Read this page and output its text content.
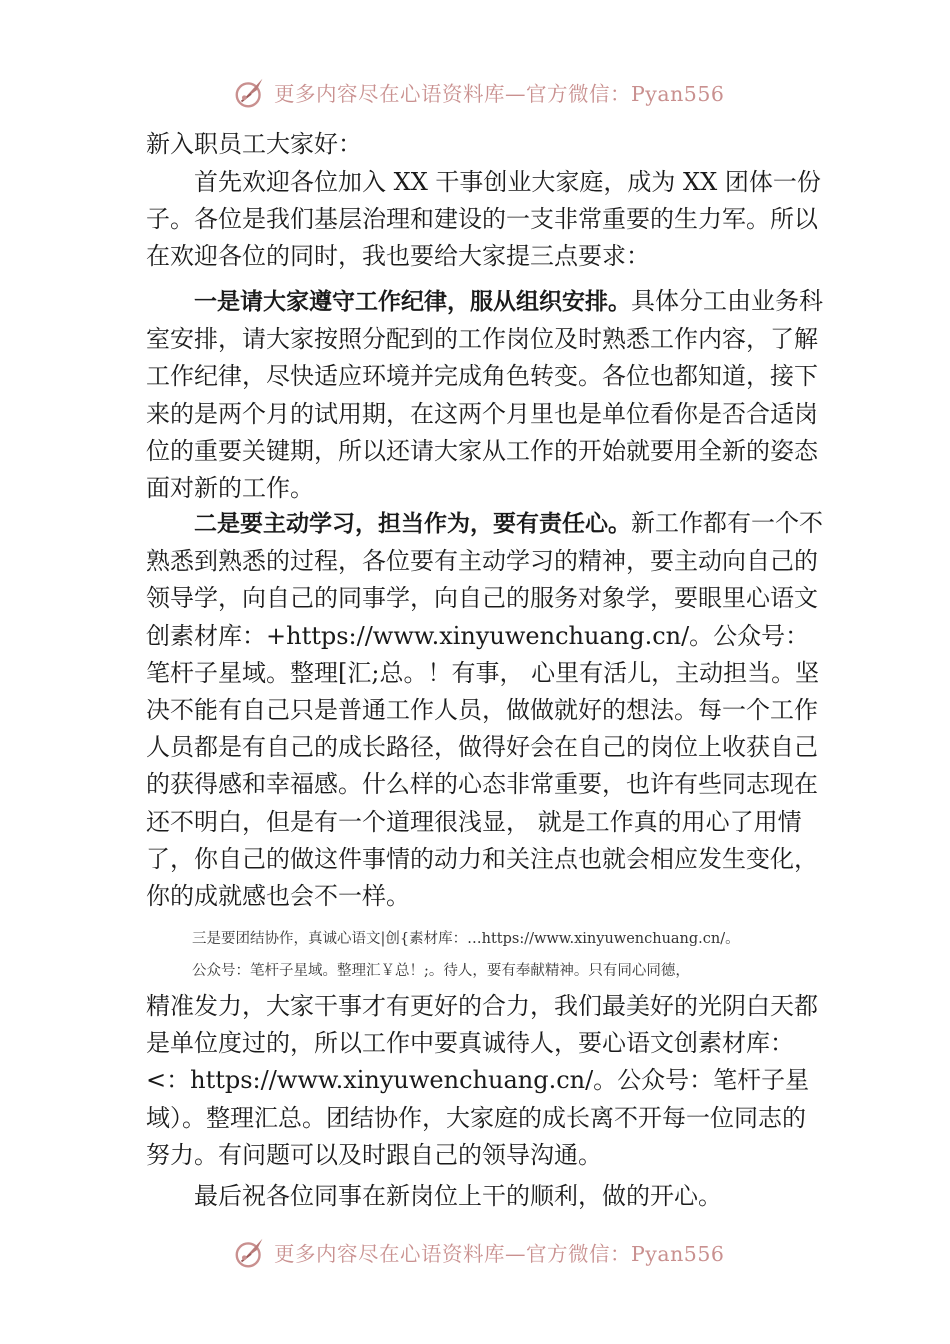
更多内容尽在心语资料库—官方微信：Pyan556
新入职员工大家好：

首先欢迎各位加入 XX 干事创业大家庭，成为 XX 团体一份子。各位是我们基层治理和建设的一支非常重要的生力军。所以在欢迎各位的同时，我也要给大家提三点要求：

一是请大家遵守工作纪律，服从组织安排。具体分工由业务科室安排，请大家按照分配到的工作岗位及时熟悉工作内容，了解工作纪律，尽快适应环境并完成角色转变。各位也都知道，接下来的是两个月的试用期，在这两个月里也是单位看你是否合适岗位的重要关键期，所以还请大家从工作的开始就要用全新的姿态面对新的工作。

二是要主动学习，担当作为，要有责任心。新工作都有一个不熟悉到熟悉的过程，各位要有主动学习的精神，要主动向自己的领导学，向自己的同事学，向自己的服务对象学，要眼里心语文创素材库：+https://www.xinyuwenchuang.cn/。公众号：笔杆子星域。整理[汇;总。！有事， 心里有活儿，主动担当。坚决不能有自己只是普通工作人员，做做就好的想法。每一个工作人员都是有自己的成长路径，做得好会在自己的岗位上收获自己的获得感和幸福感。什么样的心态非常重要，也许有些同志现在还不明白，但是有一个道理很浅显， 就是工作真的用心了用情了，你自己的做这件事情的动力和关注点也就会相应发生变化，你的成就感也会不一样。

三是要团结协作，真诚心语文|创{素材库：…https://www.xinyuwenchuang.cn/。
公众号：笔杆子星域。整理汇￥总！;。待人，要有奉献精神。只有同心同德，
精准发力，大家干事才有更好的合力，我们最美好的光阴白天都是单位度过的，所以工作中要真诚待人，要心语文创素材库：<：https://www.xinyuwenchuang.cn/。公众号：笔杆子星域）。整理汇总。团结协作，大家庭的成长离不开每一位同志的努力。有问题可以及时跟自己的领导沟通。

最后祝各位同事在新岗位上干的顺利，做的开心。

更多内容尽在心语资料库—官方微信：Pyan556
